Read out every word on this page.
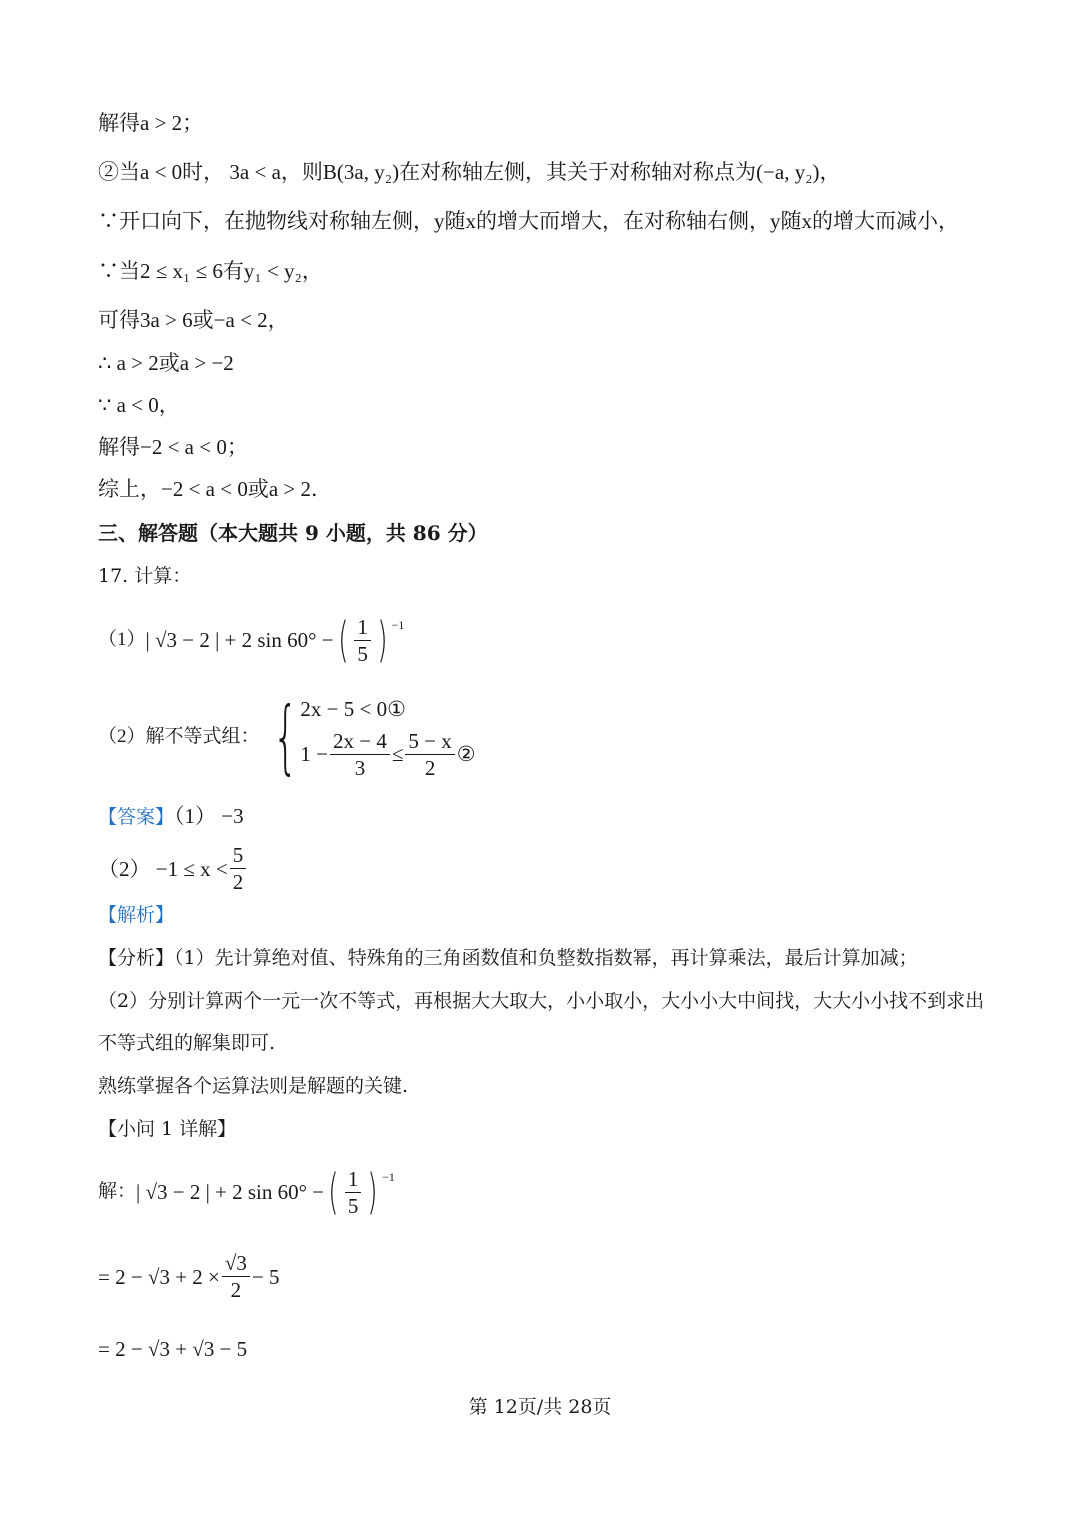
解得a > 2；
②当a < 0时， 3a < a，则B(3a, y₂)在对称轴左侧，其关于对称轴对称点为(−a, y₂)，
∵开口向下，在抛物线对称轴左侧，y随x的增大而增大，在对称轴右侧，y随x的增大而减小，
∵当2 ≤ x₁ ≤ 6有y₁ < y₂，
可得3a > 6或−a < 2，
∴ a > 2或a > −2
∵ a < 0，
解得−2 < a < 0；
综上，−2 < a < 0或a > 2．
三、解答题（本大题共 9 小题，共 86 分）
17. 计算：
（1） | √3 − 2 | + 2 sin 60° − ( $\frac{1}{5}$ ) $^{-1}$
（2）解不等式组： { 2x − 5 < 0①
$1 - \frac{2x - 4}{3} \le \frac{5 - x}{2}$ ②
【答案】（1） −3
$(2) -1 \le x < \frac{5}{2}$
【解析】
【分析】（1）先计算绝对值、特殊角的三角函数值和负整数指数幂，再计算乘法，最后计算加减；
（2）分别计算两个一元一次不等式，再根据大大取大，小小取小，大小小大中间找，大大小小找不到求出
不等式组的解集即可.
熟练掌握各个运算法则是解题的关键.
【小问 1 详解】
解： | √3 − 2 | + 2 sin 60° − ( $\frac{1}{5}$ ) $^{-1}$
= $2 - √3 + 2 \times \frac{√3}{2} - 5$
= 2 − √3 + √3 − 5
第 12页/共 28页
